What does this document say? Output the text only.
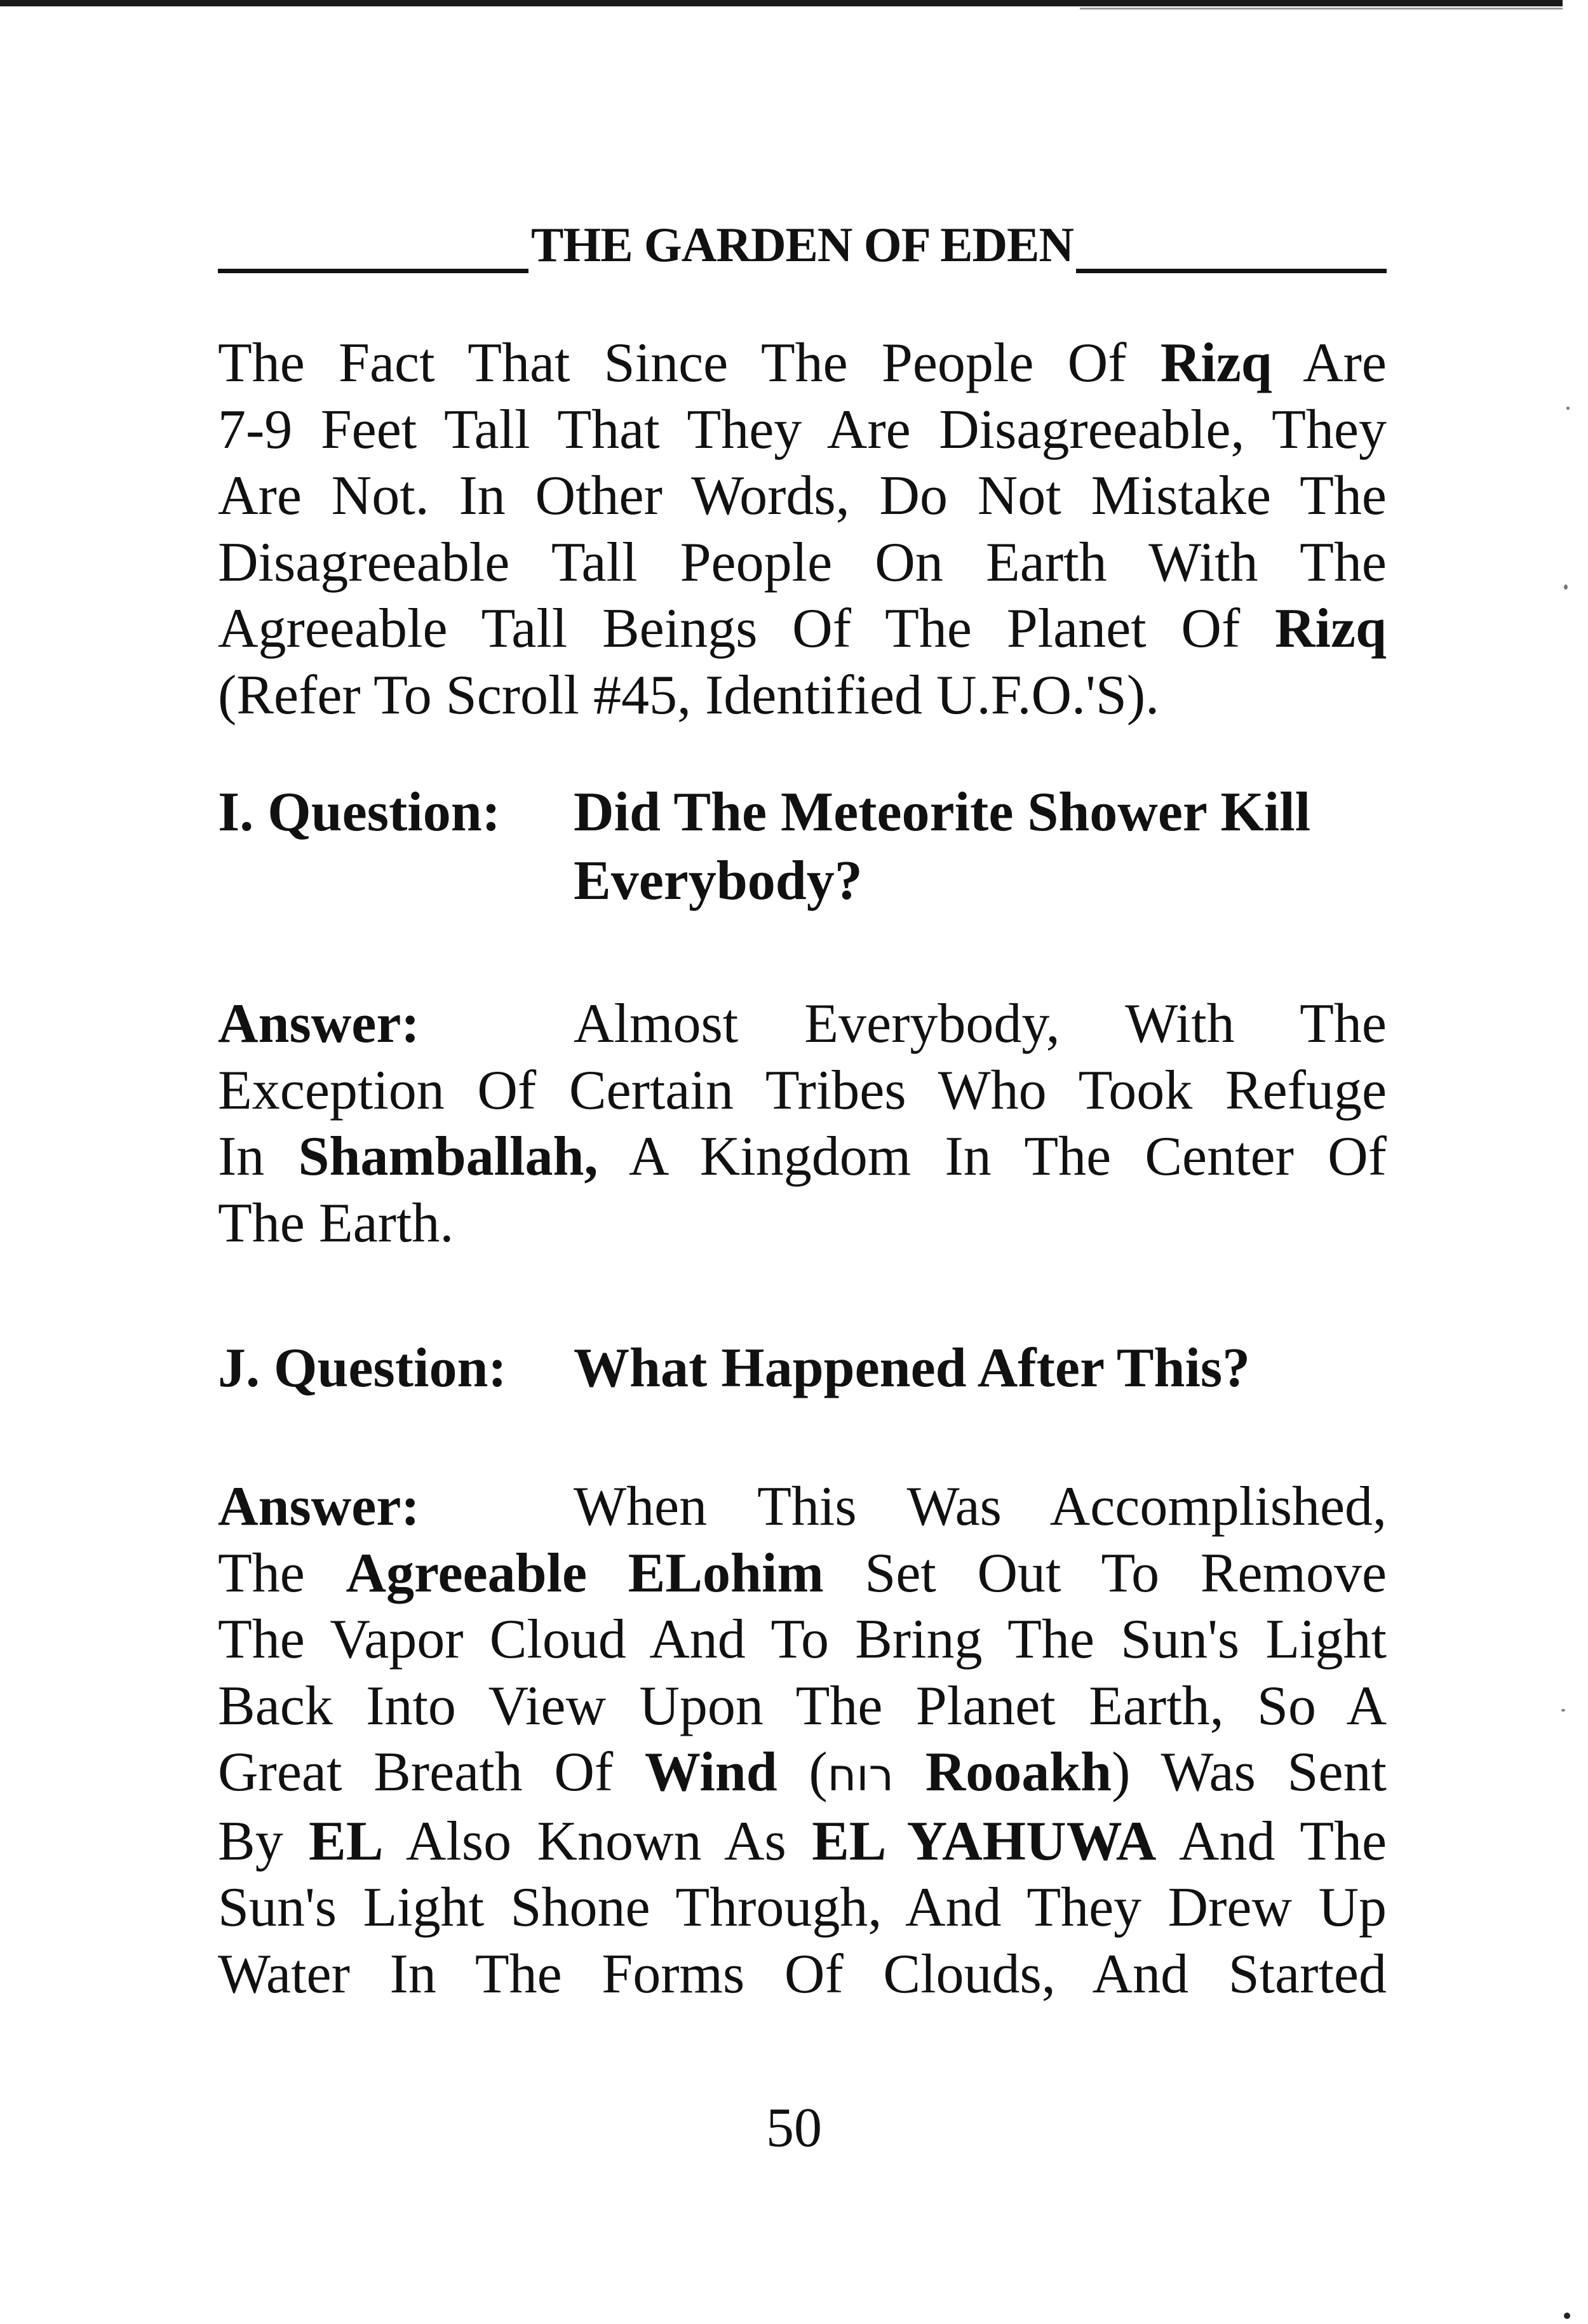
THE GARDEN OF EDEN
The Fact That Since The People Of Rizq Are
7-9 Feet Tall That They Are Disagreeable, They
Are Not. In Other Words, Do Not Mistake The
Disagreeable Tall People On Earth With The
Agreeable Tall Beings Of The Planet Of Rizq
(Refer To Scroll #45, Identified U.F.O.'S).
I. Question: Did The Meteorite Shower Kill
Everybody?
Answer:	Almost Everybody, With The
Exception Of Certain Tribes Who Took Refuge
In Shamballah, A Kingdom In The Center Of
The Earth.
J. Question: What Happened After This?
Answer:	When This Was Accomplished,
The Agreeable ELohim Set Out To Remove
The Vapor Cloud And To Bring The Sun's Light
Back Into View Upon The Planet Earth, So A
Great Breath Of Wind (רוח Rooakh) Was Sent
By EL Also Known As EL YAHUWA And The
Sun's Light Shone Through, And They Drew Up
Water In The Forms Of Clouds, And Started
50
